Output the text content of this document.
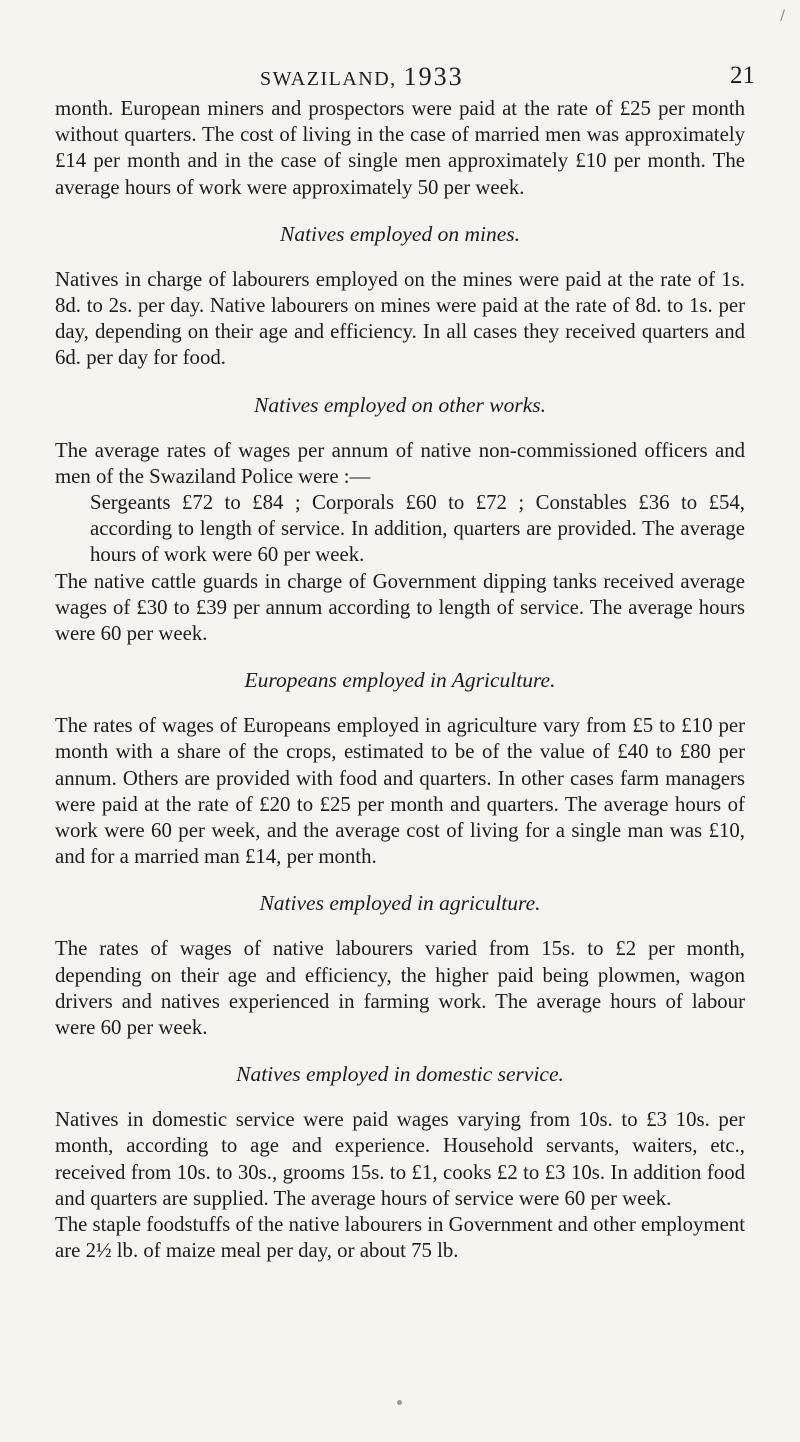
SWAZILAND, 1933	21
/

month. European miners and prospectors were paid at the rate of £25 per month without quarters. The cost of living in the case of married men was approximately £14 per month and in the case of single men approximately £10 per month. The average hours of work were approximately 50 per week.

Natives employed on mines.

Natives in charge of labourers employed on the mines were paid at the rate of 1s. 8d. to 2s. per day. Native labourers on mines were paid at the rate of 8d. to 1s. per day, depending on their age and efficiency. In all cases they received quarters and 6d. per day for food.

Natives employed on other works.

The average rates of wages per annum of native non-commissioned officers and men of the Swaziland Police were :—

Sergeants £72 to £84 ; Corporals £60 to £72 ; Constables £36 to £54, according to length of service. In addition, quarters are provided. The average hours of work were 60 per week.

The native cattle guards in charge of Government dipping tanks received average wages of £30 to £39 per annum according to length of service. The average hours were 60 per week.

Europeans employed in Agriculture.

The rates of wages of Europeans employed in agriculture vary from £5 to £10 per month with a share of the crops, estimated to be of the value of £40 to £80 per annum. Others are provided with food and quarters. In other cases farm managers were paid at the rate of £20 to £25 per month and quarters. The average hours of work were 60 per week, and the average cost of living for a single man was £10, and for a married man £14, per month.

Natives employed in agriculture.

The rates of wages of native labourers varied from 15s. to £2 per month, depending on their age and efficiency, the higher paid being plowmen, wagon drivers and natives experienced in farming work. The average hours of labour were 60 per week.

Natives employed in domestic service.

Natives in domestic service were paid wages varying from 10s. to £3 10s. per month, according to age and experience. Household servants, waiters, etc., received from 10s. to 30s., grooms 15s. to £1, cooks £2 to £3 10s. In addition food and quarters are supplied. The average hours of service were 60 per week.

The staple foodstuffs of the native labourers in Government and other employment are 2½ lb. of maize meal per day, or about 75 lb.
